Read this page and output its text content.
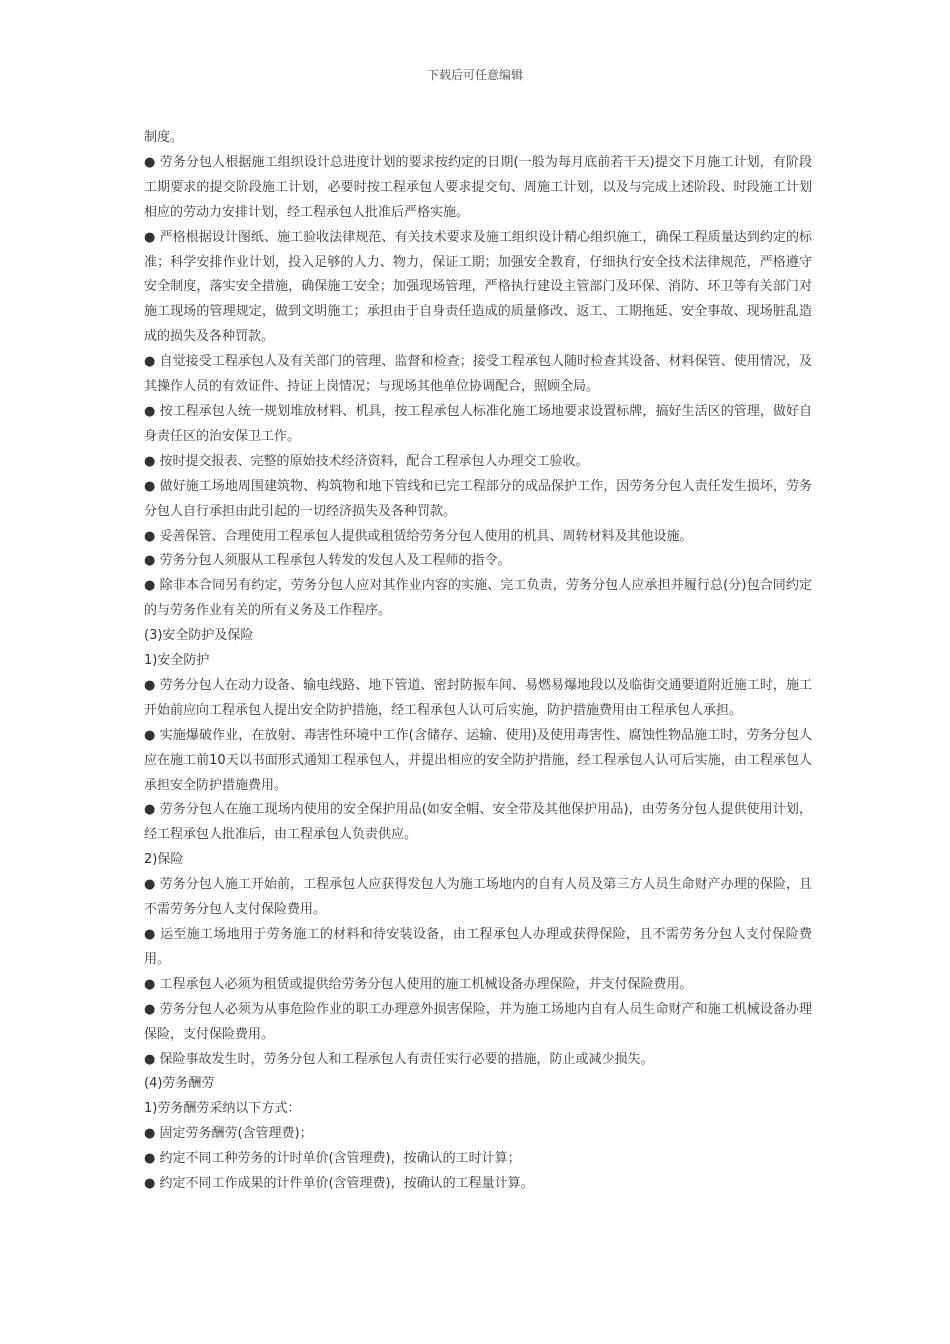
下载后可任意编辑

制度。

● 劳务分包人根据施工组织设计总进度计划的要求按约定的日期(一般为每月底前若干天)提交下月施工计划，有阶段工期要求的提交阶段施工计划，必要时按工程承包人要求提交旬、周施工计划，以及与完成上述阶段、时段施工计划相应的劳动力安排计划，经工程承包人批准后严格实施。

● 严格根据设计图纸、施工验收法律规范、有关技术要求及施工组织设计精心组织施工，确保工程质量达到约定的标准；科学安排作业计划，投入足够的人力、物力，保证工期；加强安全教育，仔细执行安全技术法律规范，严格遵守安全制度，落实安全措施，确保施工安全；加强现场管理，严格执行建设主管部门及环保、消防、环卫等有关部门对施工现场的管理规定，做到文明施工；承担由于自身责任造成的质量修改、返工、工期拖延、安全事故、现场脏乱造成的损失及各种罚款。

● 自觉接受工程承包人及有关部门的管理、监督和检查；接受工程承包人随时检查其设备、材料保管、使用情况，及其操作人员的有效证件、持证上岗情况；与现场其他单位协调配合，照顾全局。

● 按工程承包人统一规划堆放材料、机具，按工程承包人标准化施工场地要求设置标牌，搞好生活区的管理，做好自身责任区的治安保卫工作。

● 按时提交报表、完整的原始技术经济资料，配合工程承包人办理交工验收。

● 做好施工场地周围建筑物、构筑物和地下管线和已完工程部分的成品保护工作，因劳务分包人责任发生损坏，劳务分包人自行承担由此引起的一切经济损失及各种罚款。

● 妥善保管、合理使用工程承包人提供或租赁给劳务分包人使用的机具、周转材料及其他设施。

● 劳务分包人须服从工程承包人转发的发包人及工程师的指令。

● 除非本合同另有约定，劳务分包人应对其作业内容的实施、完工负责，劳务分包人应承担并履行总(分)包合同约定的与劳务作业有关的所有义务及工作程序。

(3)安全防护及保险

1)安全防护

● 劳务分包人在动力设备、输电线路、地下管道、密封防振车间、易燃易爆地段以及临街交通要道附近施工时，施工开始前应向工程承包人提出安全防护措施，经工程承包人认可后实施，防护措施费用由工程承包人承担。

● 实施爆破作业，在放射、毒害性环境中工作(含储存、运输、使用)及使用毒害性、腐蚀性物品施工时，劳务分包人应在施工前10天以书面形式通知工程承包人，并提出相应的安全防护措施，经工程承包人认可后实施，由工程承包人承担安全防护措施费用。

● 劳务分包人在施工现场内使用的安全保护用品(如安全帽、安全带及其他保护用品)，由劳务分包人提供使用计划，经工程承包人批准后，由工程承包人负责供应。

2)保险

● 劳务分包人施工开始前，工程承包人应获得发包人为施工场地内的自有人员及第三方人员生命财产办理的保险，且不需劳务分包人支付保险费用。

● 运至施工场地用于劳务施工的材料和待安装设备，由工程承包人办理或获得保险，且不需劳务分包人支付保险费用。

● 工程承包人必须为租赁或提供给劳务分包人使用的施工机械设备办理保险，并支付保险费用。

● 劳务分包人必须为从事危险作业的职工办理意外损害保险，并为施工场地内自有人员生命财产和施工机械设备办理保险，支付保险费用。

● 保险事故发生时，劳务分包人和工程承包人有责任实行必要的措施，防止或减少损失。

(4)劳务酬劳

1)劳务酬劳采纳以下方式：

● 固定劳务酬劳(含管理费)；

● 约定不同工种劳务的计时单价(含管理费)，按确认的工时计算；

● 约定不同工作成果的计件单价(含管理费)，按确认的工程量计算。
